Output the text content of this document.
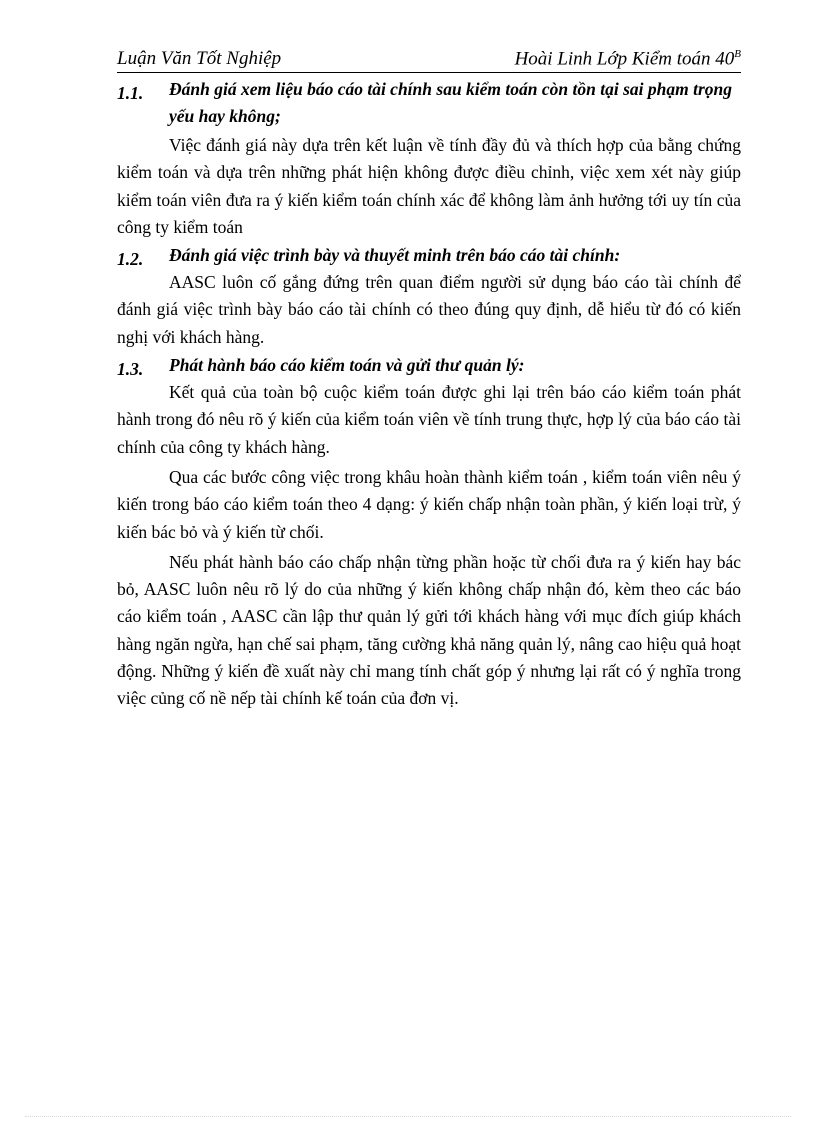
Luận Văn Tốt Nghiệp	Hoài Linh Lớp Kiểm toán $40^B$

1.1. Đánh giá xem liệu báo cáo tài chính sau kiểm toán còn tồn tại sai phạm trọng yếu hay không;

Việc đánh giá này dựa trên kết luận về tính đầy đủ và thích hợp của bằng chứng kiểm toán và dựa trên những phát hiện không được điều chỉnh, việc xem xét này giúp kiểm toán viên đưa ra ý kiến kiểm toán chính xác để không làm ảnh hưởng tới uy tín của công ty kiểm toán

1.2. Đánh giá việc trình bày và thuyết minh trên báo cáo tài chính:

AASC luôn cố gắng đứng trên quan điểm người sử dụng báo cáo tài chính để đánh giá việc trình bày báo cáo tài chính có theo đúng quy định, dễ hiểu từ đó có kiến nghị với khách hàng.

1.3. Phát hành báo cáo kiểm toán và gửi thư quản lý:

Kết quả của toàn bộ cuộc kiểm toán được ghi lại trên báo cáo kiểm toán phát hành trong đó nêu rõ ý kiến của kiểm toán viên về tính trung thực, hợp lý của báo cáo tài chính của công ty khách hàng.

Qua các bước công việc trong khâu hoàn thành kiểm toán , kiểm toán viên nêu ý kiến trong báo cáo kiểm toán theo 4 dạng: ý kiến chấp nhận toàn phần, ý kiến loại trừ, ý kiến bác bỏ và ý kiến từ chối.

Nếu phát hành báo cáo chấp nhận từng phần hoặc từ chối đưa ra ý kiến hay bác bỏ, AASC luôn nêu rõ lý do của những ý kiến không chấp nhận đó, kèm theo các báo cáo kiểm toán , AASC cần lập thư quản lý gửi tới khách hàng với mục đích giúp khách hàng ngăn ngừa, hạn chế sai phạm, tăng cường khả năng quản lý, nâng cao hiệu quả hoạt động. Những ý kiến đề xuất này chỉ mang tính chất góp ý nhưng lại rất có ý nghĩa trong việc củng cố nề nếp tài chính kế toán của đơn vị.
